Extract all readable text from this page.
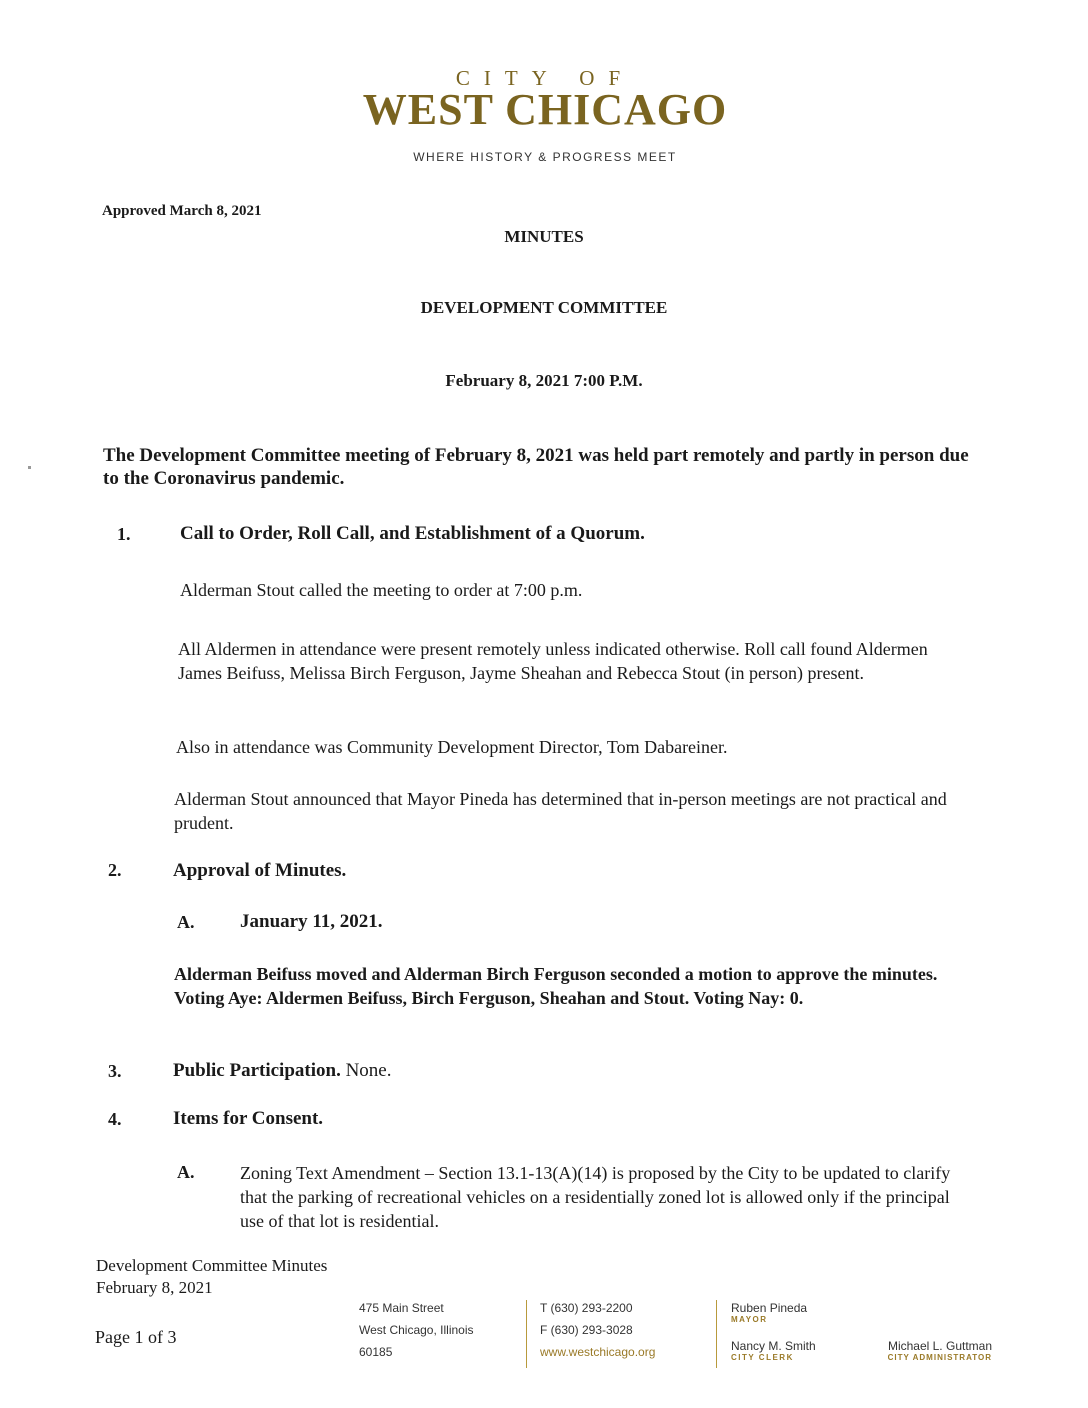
CITY OF
WEST CHICAGO
WHERE HISTORY & PROGRESS MEET
Approved March 8, 2021
MINUTES
DEVELOPMENT COMMITTEE
February 8, 2021 7:00 P.M.
The Development Committee meeting of February 8, 2021 was held part remotely and partly in person due to the Coronavirus pandemic.
1.	Call to Order, Roll Call, and Establishment of a Quorum.
Alderman Stout called the meeting to order at 7:00 p.m.
All Aldermen in attendance were present remotely unless indicated otherwise. Roll call found Aldermen James Beifuss, Melissa Birch Ferguson, Jayme Sheahan and Rebecca Stout (in person) present.
Also in attendance was Community Development Director, Tom Dabareiner.
Alderman Stout announced that Mayor Pineda has determined that in-person meetings are not practical and prudent.
2.	Approval of Minutes.
A. January 11, 2021.
Alderman Beifuss moved and Alderman Birch Ferguson seconded a motion to approve the minutes. Voting Aye: Aldermen Beifuss, Birch Ferguson, Sheahan and Stout. Voting Nay: 0.
3.	Public Participation. None.
4.	Items for Consent.
A.	Zoning Text Amendment – Section 13.1-13(A)(14) is proposed by the City to be updated to clarify that the parking of recreational vehicles on a residentially zoned lot is allowed only if the principal use of that lot is residential.
Development Committee Minutes
February 8, 2021
Page 1 of 3
475 Main Street
West Chicago, Illinois
60185
T (630) 293-2200
F (630) 293-3028
www.westchicago.org
Ruben Pineda
MAYOR
Nancy M. Smith
CITY CLERK
Michael L. Guttman
CITY ADMINISTRATOR
